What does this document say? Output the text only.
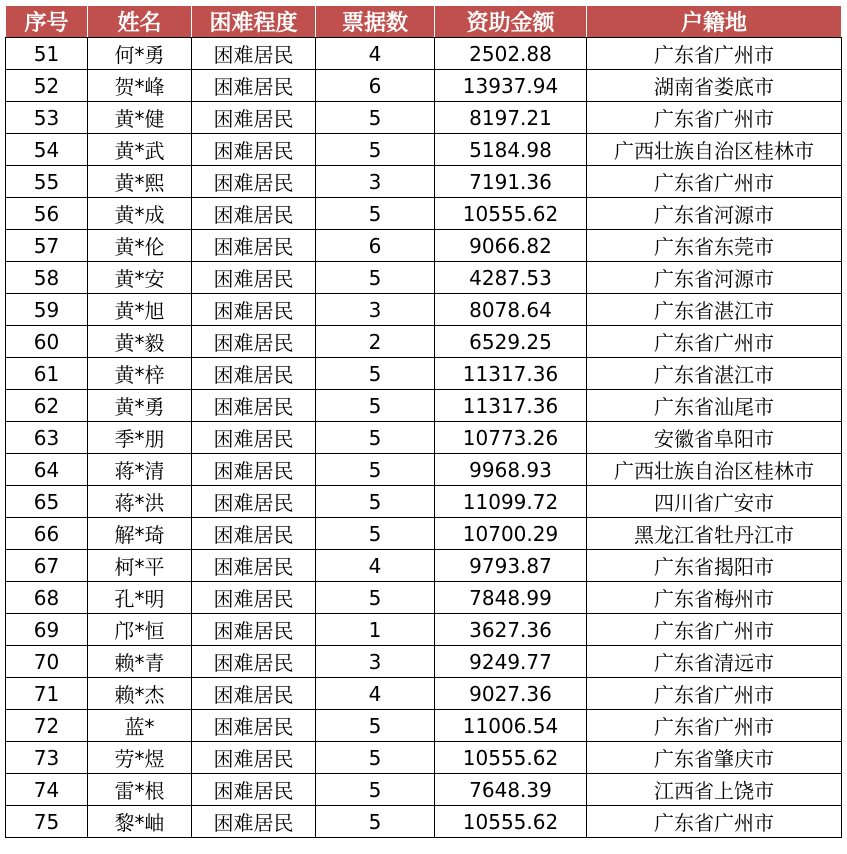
序号	姓名	困难程度	票据数	资助金额	户籍地
51	何*勇	困难居民	4	2502.88	广东省广州市
52	贺*峰	困难居民	6	13937.94	湖南省娄底市
53	黄*健	困难居民	5	8197.21	广东省广州市
54	黄*武	困难居民	5	5184.98	广西壮族自治区桂林市
55	黄*熙	困难居民	3	7191.36	广东省广州市
56	黄*成	困难居民	5	10555.62	广东省河源市
57	黄*伦	困难居民	6	9066.82	广东省东莞市
58	黄*安	困难居民	5	4287.53	广东省河源市
59	黄*旭	困难居民	3	8078.64	广东省湛江市
60	黄*毅	困难居民	2	6529.25	广东省广州市
61	黄*梓	困难居民	5	11317.36	广东省湛江市
62	黄*勇	困难居民	5	11317.36	广东省汕尾市
63	季*朋	困难居民	5	10773.26	安徽省阜阳市
64	蒋*清	困难居民	5	9968.93	广西壮族自治区桂林市
65	蒋*洪	困难居民	5	11099.72	四川省广安市
66	解*琦	困难居民	5	10700.29	黑龙江省牡丹江市
67	柯*平	困难居民	4	9793.87	广东省揭阳市
68	孔*明	困难居民	5	7848.99	广东省梅州市
69	邝*恒	困难居民	1	3627.36	广东省广州市
70	赖*青	困难居民	3	9249.77	广东省清远市
71	赖*杰	困难居民	4	9027.36	广东省广州市
72	蓝*	困难居民	5	11006.54	广东省广州市
73	劳*煜	困难居民	5	10555.62	广东省肇庆市
74	雷*根	困难居民	5	7648.39	江西省上饶市
75	黎*岫	困难居民	5	10555.62	广东省广州市
